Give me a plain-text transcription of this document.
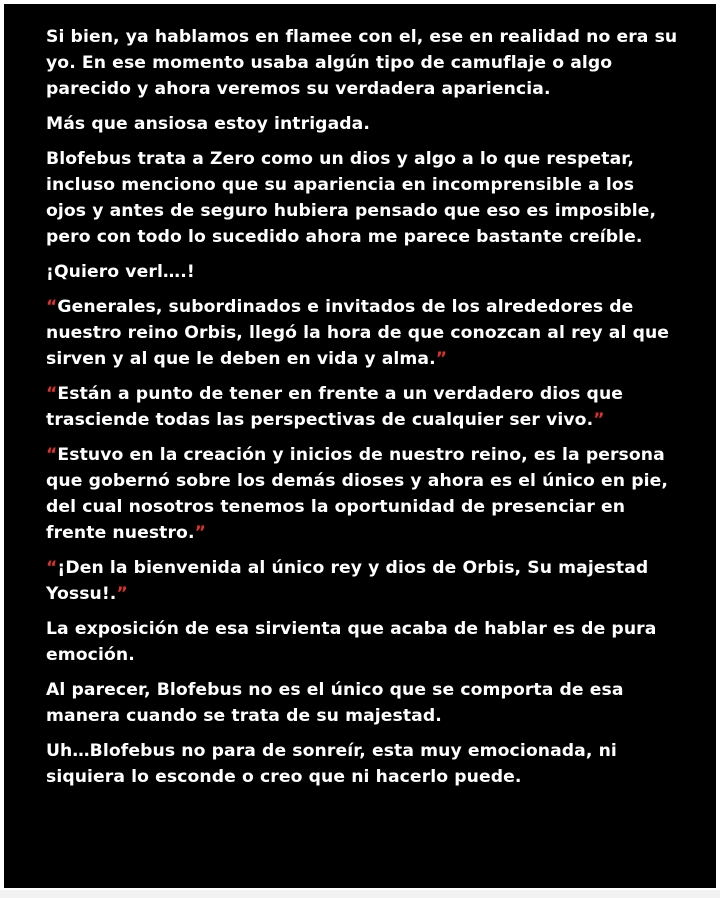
Si bien, ya hablamos en flamee con el, ese en realidad no era su yo. En ese momento usaba algún tipo de camuflaje o algo parecido y ahora veremos su verdadera apariencia.

Más que ansiosa estoy intrigada.

Blofebus trata a Zero como un dios y algo a lo que respetar, incluso menciono que su apariencia en incomprensible a los ojos y antes de seguro hubiera pensado que eso es imposible, pero con todo lo sucedido ahora me parece bastante creíble.

¡Quiero verl….!

“Generales, subordinados e invitados de los alrededores de nuestro reino Orbis, llegó la hora de que conozcan al rey al que sirven y al que le deben en vida y alma.”

“Están a punto de tener en frente a un verdadero dios que trasciende todas las perspectivas de cualquier ser vivo.”

“Estuvo en la creación y inicios de nuestro reino, es la persona que gobernó sobre los demás dioses y ahora es el único en pie, del cual nosotros tenemos la oportunidad de presenciar en frente nuestro.”

“¡Den la bienvenida al único rey y dios de Orbis, Su majestad Yossu!.”

La exposición de esa sirvienta que acaba de hablar es de pura emoción.

Al parecer, Blofebus no es el único que se comporta de esa manera cuando se trata de su majestad.

Uh…Blofebus no para de sonreír, esta muy emocionada, ni siquiera lo esconde o creo que ni hacerlo puede.
